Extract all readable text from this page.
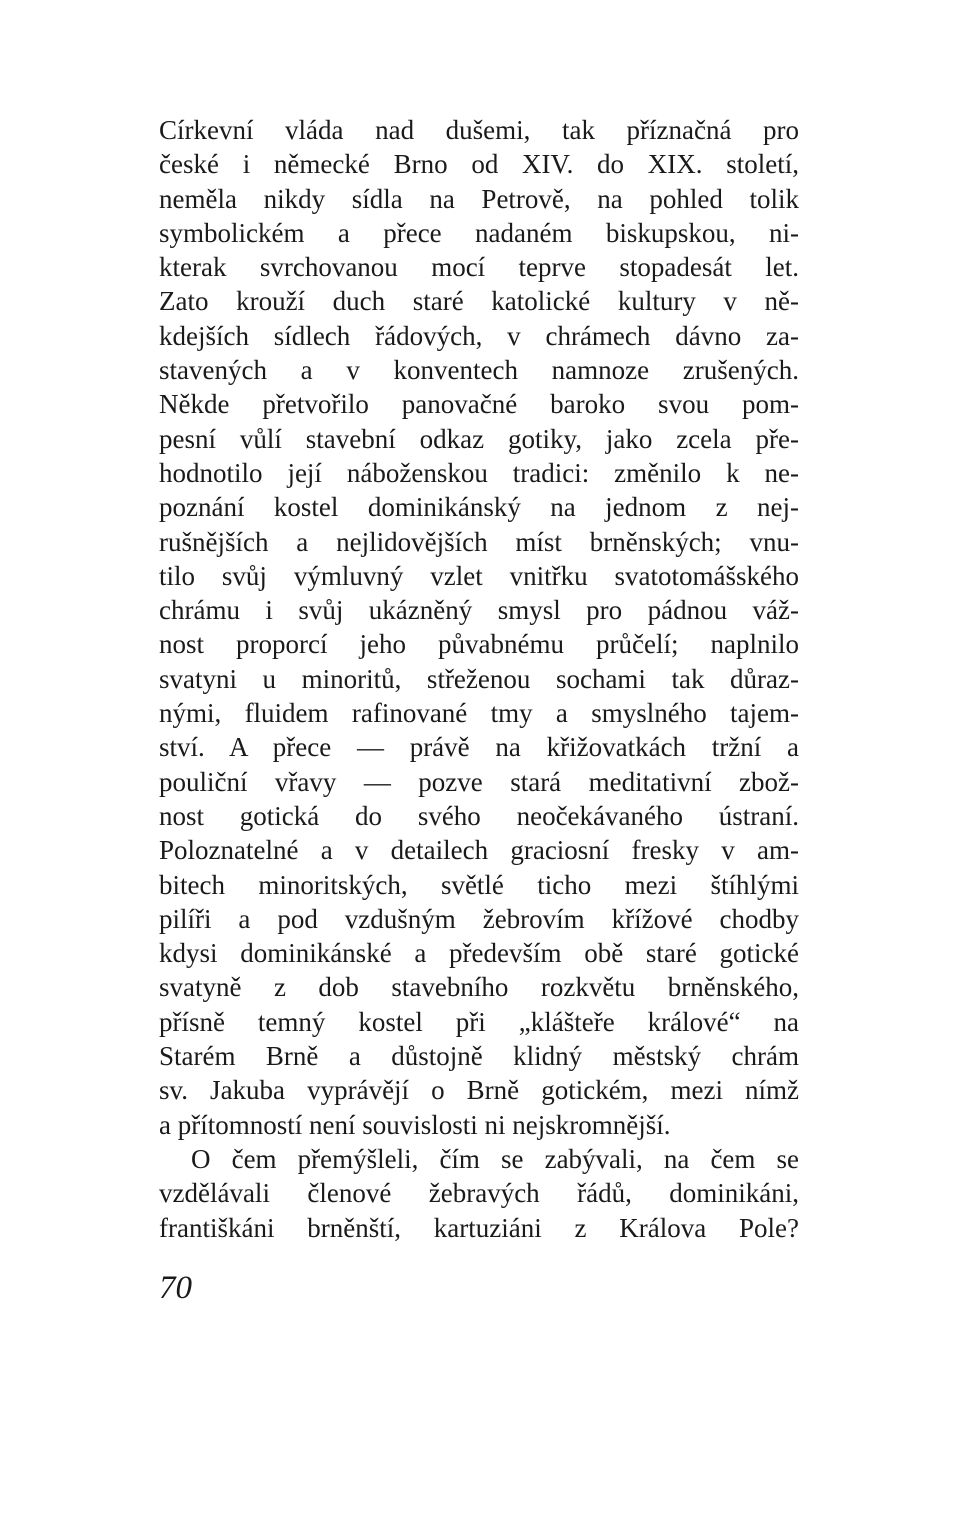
Církevní vláda nad dušemi, tak příznačná pro
české i německé Brno od XIV. do XIX. století,
neměla nikdy sídla na Petrově, na pohled tolik
symbolickém a přece nadaném biskupskou, ni-
kterak svrchovanou mocí teprve stopadesát let.
Zato krouží duch staré katolické kultury v ně-
kdejších sídlech řádových, v chrámech dávno za-
stavených a v konventech namnoze zrušených.
Někde přetvořilo panovačné baroko svou pom-
pesní vůlí stavební odkaz gotiky, jako zcela pře-
hodnotilo její náboženskou tradici: změnilo k ne-
poznání kostel dominikánský na jednom z nej-
rušnějších a nejlidovějších míst brněnských; vnu-
tilo svůj výmluvný vzlet vnitřku svatotomášského
chrámu i svůj ukázněný smysl pro pádnou váž-
nost proporcí jeho půvabnému průčelí; naplnilo
svatyni u minoritů, střeženou sochami tak důraz-
nými, fluidem rafinované tmy a smyslného tajem-
ství. A přece — právě na křižovatkách tržní a
pouliční vřavy — pozve stará meditativní zbož-
nost gotická do svého neočekávaného ústraní.
Poloznatelné a v detailech graciosní fresky v am-
bitech minoritských, světlé ticho mezi štíhlými
pilíři a pod vzdušným žebrovím křížové chodby
kdysi dominikánské a především obě staré gotické
svatyně z dob stavebního rozkvětu brněnského,
přísně temný kostel při „klášteře králové“ na
Starém Brně a důstojně klidný městský chrám
sv. Jakuba vyprávějí o Brně gotickém, mezi nímž
a přítomností není souvislosti ni nejskromnější.
O čem přemýšleli, čím se zabývali, na čem se
vzdělávali členové žebravých řádů, dominikáni,
františkáni brněnští, kartuziáni z Králova Pole?
70
